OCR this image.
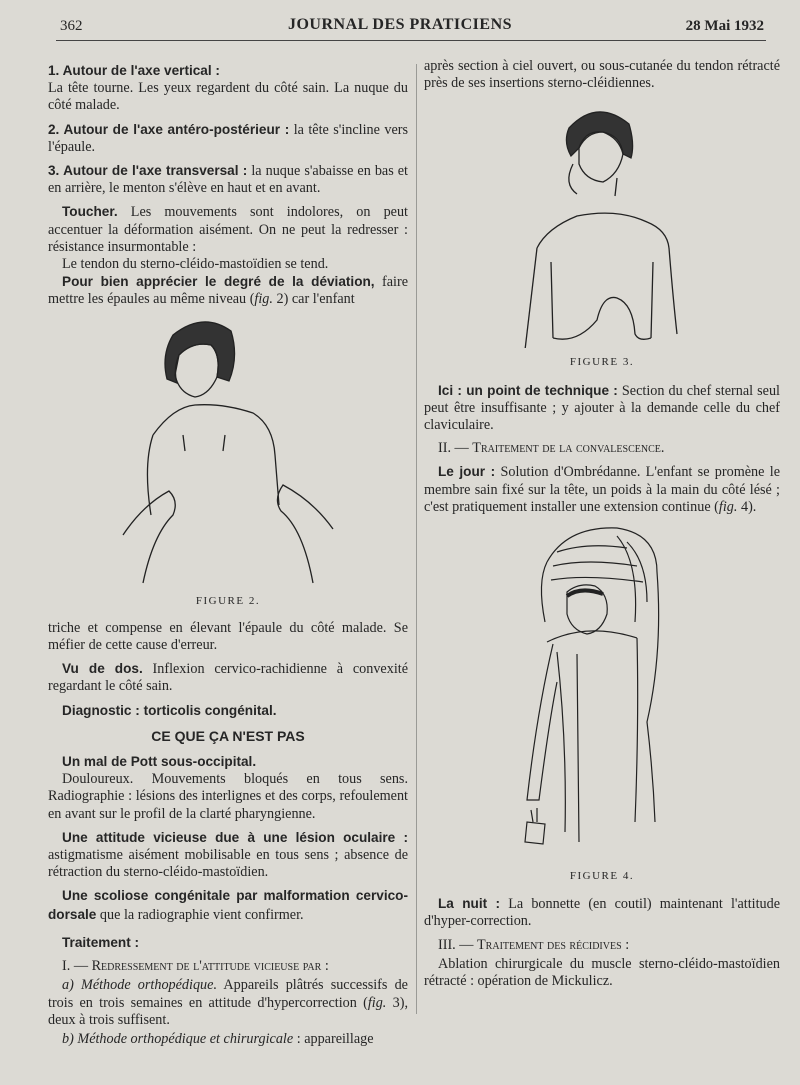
362	JOURNAL DES PRATICIENS	28 Mai 1932

1. Autour de l'axe vertical :
La tête tourne. Les yeux regardent du côté sain. La nuque du côté malade.

2. Autour de l'axe antéro-postérieur : la tête s'incline vers l'épaule.

3. Autour de l'axe transversal : la nuque s'abaisse en bas et en arrière, le menton s'élève en haut et en avant.

Toucher. Les mouvements sont indolores, on peut accentuer la déformation aisément. On ne peut la redresser : résistance insurmontable :

Le tendon du sterno-cléido-mastoïdien se tend.

Pour bien apprécier le degré de la déviation, faire mettre les épaules au même niveau (fig. 2) car l'enfant

FIGURE 2.

triche et compense en élevant l'épaule du côté malade. Se méfier de cette cause d'erreur.

Vu de dos. Inflexion cervico-rachidienne à convexité regardant le côté sain.

Diagnostic : torticolis congénital.

CE QUE ÇA N'EST PAS

Un mal de Pott sous-occipital.

Douloureux. Mouvements bloqués en tous sens. Radiographie : lésions des interlignes et des corps, refoulement en avant sur le profil de la clarté pharyngienne.

Une attitude vicieuse due à une lésion oculaire : astigmatisme aisément mobilisable en tous sens ; absence de rétraction du sterno-cléido-mastoïdien.

Une scoliose congénitale par malformation cervico-dorsale que la radiographie vient confirmer.

Traitement :

I. — Redressement de l'attitude vicieuse par :

a) Méthode orthopédique. Appareils plâtrés successifs de trois en trois semaines en attitude d'hypercorrection (fig. 3), deux à trois suffisent.

b) Méthode orthopédique et chirurgicale : appareillage

après section à ciel ouvert, ou sous-cutanée du tendon rétracté près de ses insertions sterno-cléidiennes.

FIGURE 3.

Ici : un point de technique : Section du chef sternal seul peut être insuffisante ; y ajouter à la demande celle du chef claviculaire.

II. — Traitement de la convalescence.

Le jour : Solution d'Ombrédanne. L'enfant se promène le membre sain fixé sur la tête, un poids à la main du côté lésé ; c'est pratiquement installer une extension continue (fig. 4).

FIGURE 4.

La nuit : La bonnette (en coutil) maintenant l'attitude d'hyper-correction.

III. — Traitement des récidives :

Ablation chirurgicale du muscle sterno-cléido-mastoïdien rétracté : opération de Mickulicz.
